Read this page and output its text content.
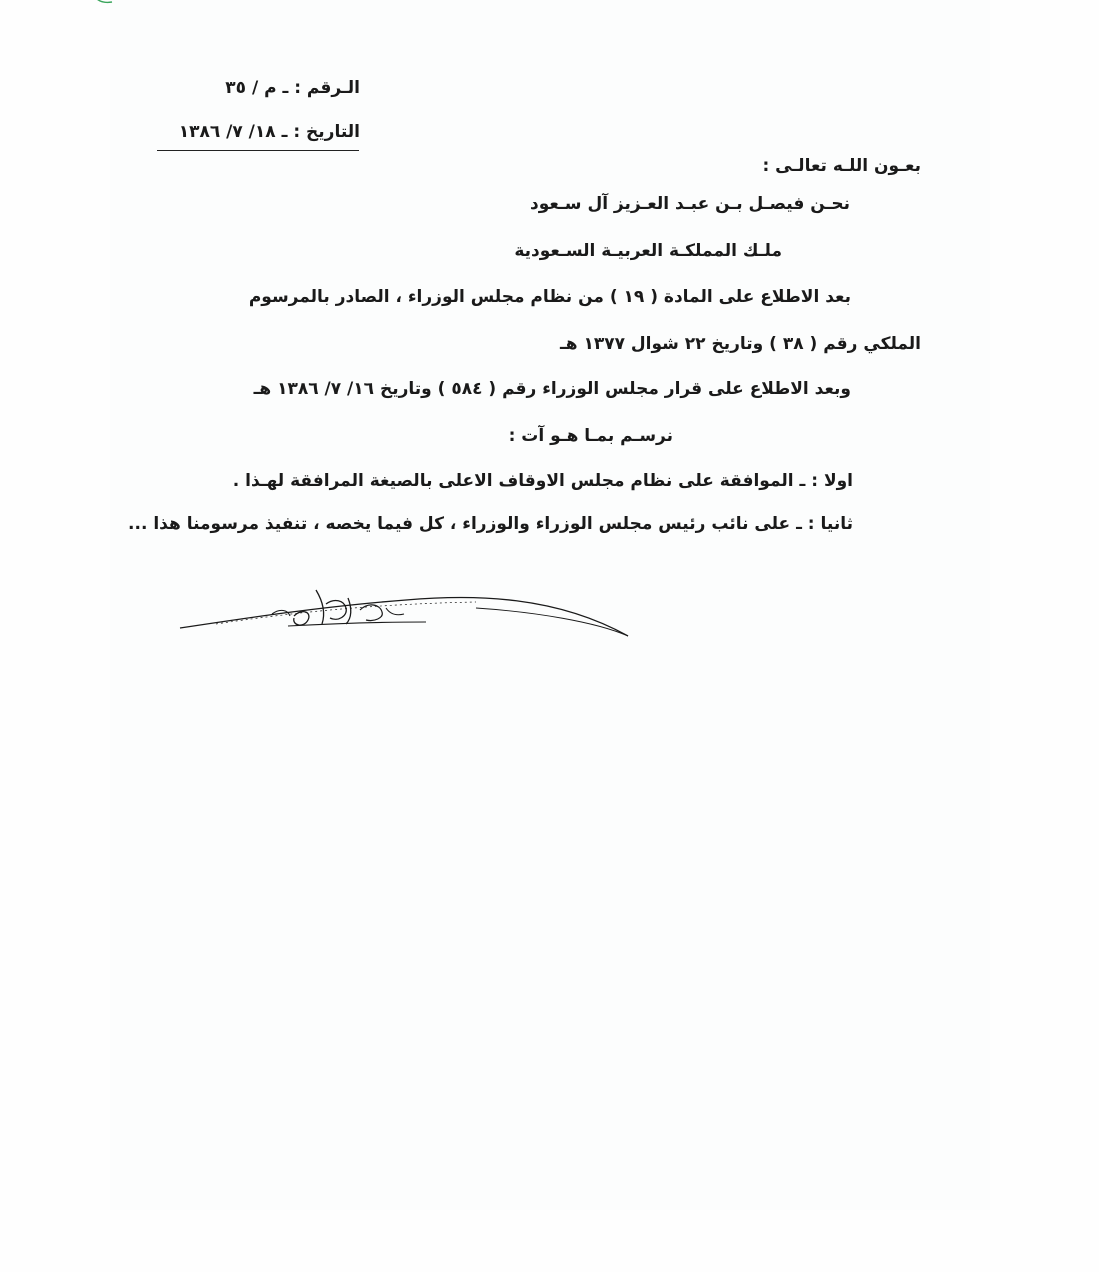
الـرقم : ـ م / ٣٥
التاريخ : ـ ١٨/ ٧/ ١٣٨٦
بعـون اللـه تعالـى :
نحـن فيصـل بـن عبـد العـزيز آل سـعود
ملـك المملكـة العربيـة السـعودية
بعد الاطلاع على المادة ( ١٩ ) من نظام مجلس الوزراء ، الصادر بالمرسوم
الملكي رقم ( ٣٨ ) وتاريخ ٢٢ شوال ١٣٧٧ هـ
وبعد الاطلاع على قرار مجلس الوزراء رقم ( ٥٨٤ ) وتاريخ ١٦/ ٧/ ١٣٨٦ هـ
نرسـم بمـا هـو آت :
اولا : ـ الموافقة على نظام مجلس الاوقاف الاعلى بالصيغة المرافقة لهـذا .
ثانيا : ـ على نائب رئيس مجلس الوزراء والوزراء ، كل فيما يخصه ، تنفيذ مرسومنا هذا ...
